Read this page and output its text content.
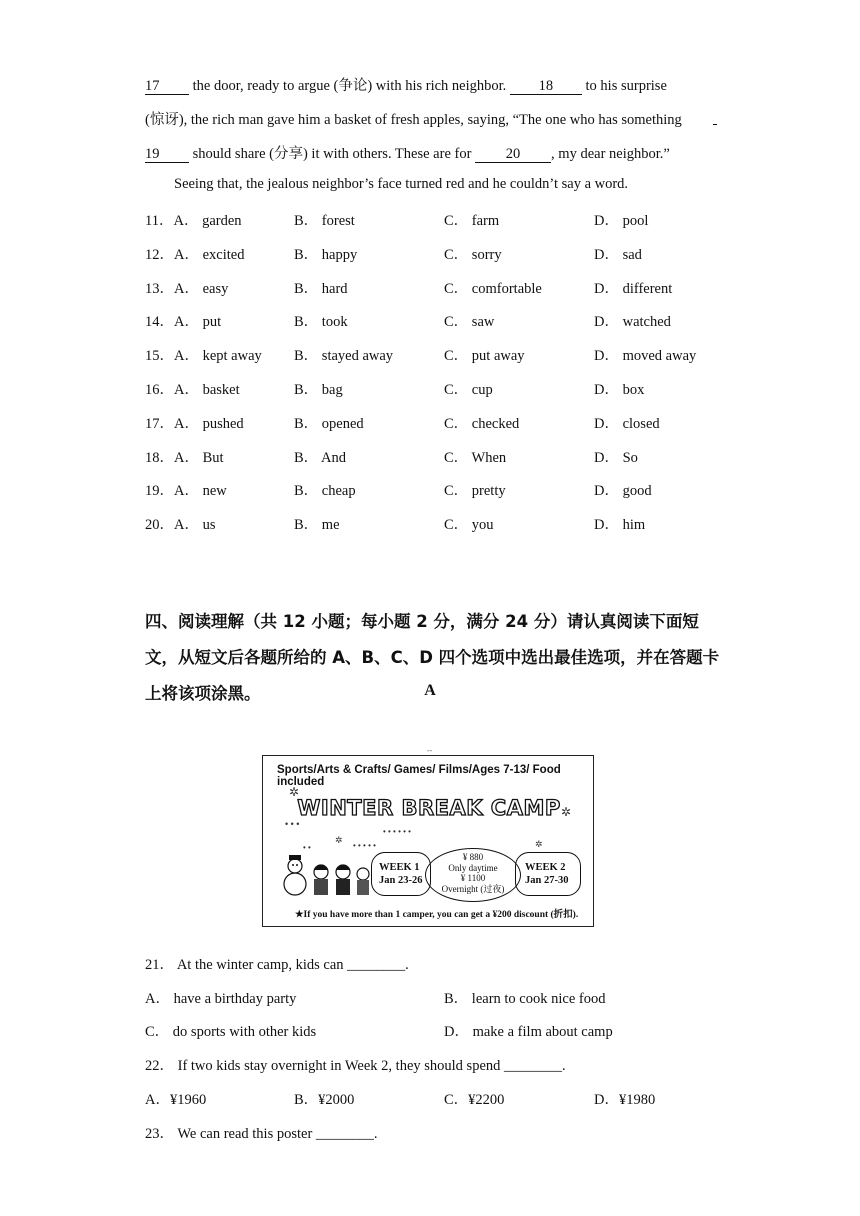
17 the door, ready to argue (争论) with his rich neighbor. 18 to his surprise
(惊讶), the rich man gave him a basket of fresh apples, saying, “The one who has something
19 should share (分享) it with others. These are for 20 , my dear neighbor.”
Seeing that, the jealous neighbor’s face turned red and he couldn’t say a word.
11．A． garden	B． forest	C． farm	D． pool
12．A． excited	B． happy	C． sorry	D． sad
13．A． easy	B． hard	C． comfortable	D． different
14．A． put	B． took	C． saw	D． watched
15．A． kept away B． stayed away	C． put away	D． moved away
16．A． basket	B． bag	C． cup	D． box
17．A． pushed	B． opened	C． checked	D． closed
18．A． But	B． And	C． When	D． So
19．A． new	B． cheap	C． pretty	D． good
20．A． us	B． me	C． you	D． him
四、阅读理解（共 12 小题；每小题 2 分，满分 24 分）请认真阅读下面短文，从短文后各题所给的 A、B、C、D 四个选项中选出最佳选项，并在答题卡上将该项涂黑。	A
--
Sports/Arts & Crafts/ Games/ Films/Ages 7-13/ Food included
WINTER BREAK CAMP
✲
✲
✲	✲
• • •
• • • • • •
• • • • •
• •
WEEK 1
Jan 23-26
WEEK 2
Jan 27-30
¥ 880
Only daytime
¥ 1100
Overnight (过夜)
★If you have more than 1 camper, you can get a ¥200 discount (折扣).
21． At the winter camp, kids can ________.
A． have a birthday party	B． learn to cook nice food
C． do sports with other kids	D． make a film about camp
22． If two kids stay overnight in Week 2, they should spend ________.
A．¥1960	B．¥2000	C．¥2200	D．¥1980
23． We can read this poster ________.
